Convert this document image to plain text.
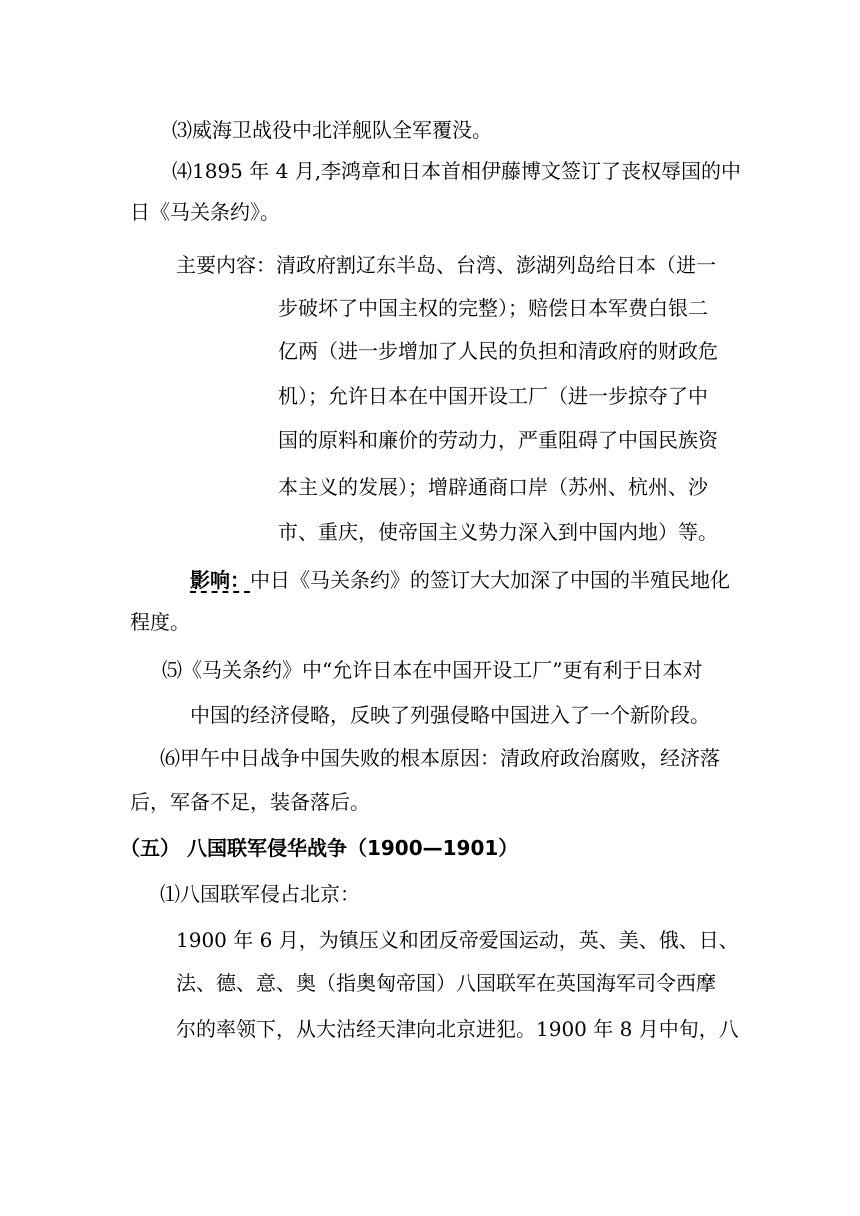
⑶威海卫战役中北洋舰队全军覆没。
⑷1895 年 4 月,李鸿章和日本首相伊藤博文签订了丧权辱国的中
日《马关条约》。
主要内容：清政府割辽东半岛、台湾、澎湖列岛给日本（进一
步破坏了中国主权的完整）；赔偿日本军费白银二
亿两（进一步增加了人民的负担和清政府的财政危
机）；允许日本在中国开设工厂（进一步掠夺了中
国的原料和廉价的劳动力，严重阻碍了中国民族资
本主义的发展）；增辟通商口岸（苏州、杭州、沙
市、重庆，使帝国主义势力深入到中国内地）等。
影响：中日《马关条约》的签订大大加深了中国的半殖民地化
程度。
⑸《马关条约》中“允许日本在中国开设工厂”更有利于日本对
中国的经济侵略，反映了列强侵略中国进入了一个新阶段。
⑹甲午中日战争中国失败的根本原因：清政府政治腐败，经济落
后，军备不足，装备落后。
（五） 八国联军侵华战争（1900—1901）
⑴八国联军侵占北京：
1900 年 6 月，为镇压义和团反帝爱国运动，英、美、俄、日、
法、德、意、奥（指奥匈帝国）八国联军在英国海军司令西摩
尔的率领下，从大沽经天津向北京进犯。1900 年 8 月中旬，八
